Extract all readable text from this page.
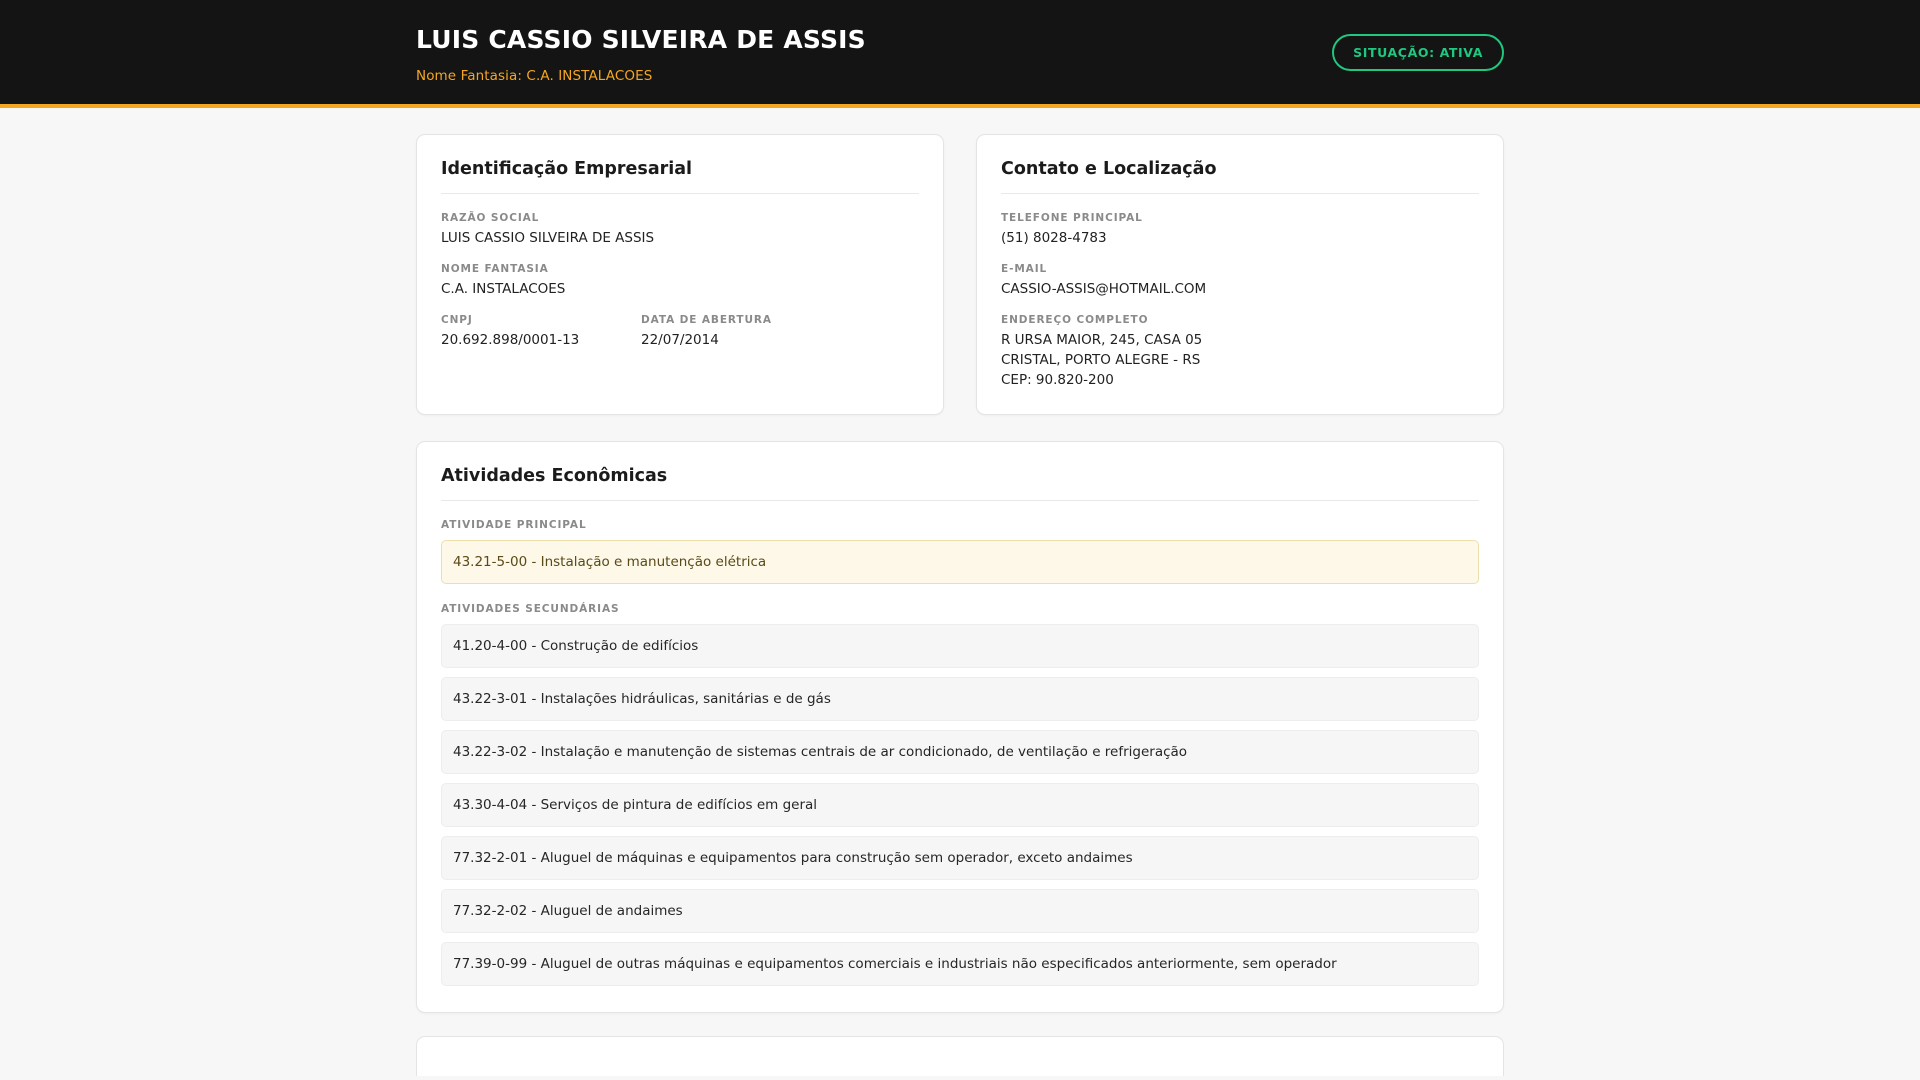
LUIS CASSIO SILVEIRA DE ASSIS
Nome Fantasia: C.A. INSTALACOES
SITUAÇÃO: ATIVA
Identificação Empresarial
RAZÃO SOCIAL
LUIS CASSIO SILVEIRA DE ASSIS
NOME FANTASIA
C.A. INSTALACOES
CNPJ
20.692.898/0001-13
DATA DE ABERTURA
22/07/2014
Contato e Localização
TELEFONE PRINCIPAL
(51) 8028-4783
E-MAIL
CASSIO-ASSIS@HOTMAIL.COM
ENDEREÇO COMPLETO
R URSA MAIOR, 245, CASA 05
CRISTAL, PORTO ALEGRE - RS
CEP: 90.820-200
Atividades Econômicas
ATIVIDADE PRINCIPAL
43.21-5-00 - Instalação e manutenção elétrica
ATIVIDADES SECUNDÁRIAS
41.20-4-00 - Construção de edifícios
43.22-3-01 - Instalações hidráulicas, sanitárias e de gás
43.22-3-02 - Instalação e manutenção de sistemas centrais de ar condicionado, de ventilação e refrigeração
43.30-4-04 - Serviços de pintura de edifícios em geral
77.32-2-01 - Aluguel de máquinas e equipamentos para construção sem operador, exceto andaimes
77.32-2-02 - Aluguel de andaimes
77.39-0-99 - Aluguel de outras máquinas e equipamentos comerciais e industriais não especificados anteriormente, sem operador
